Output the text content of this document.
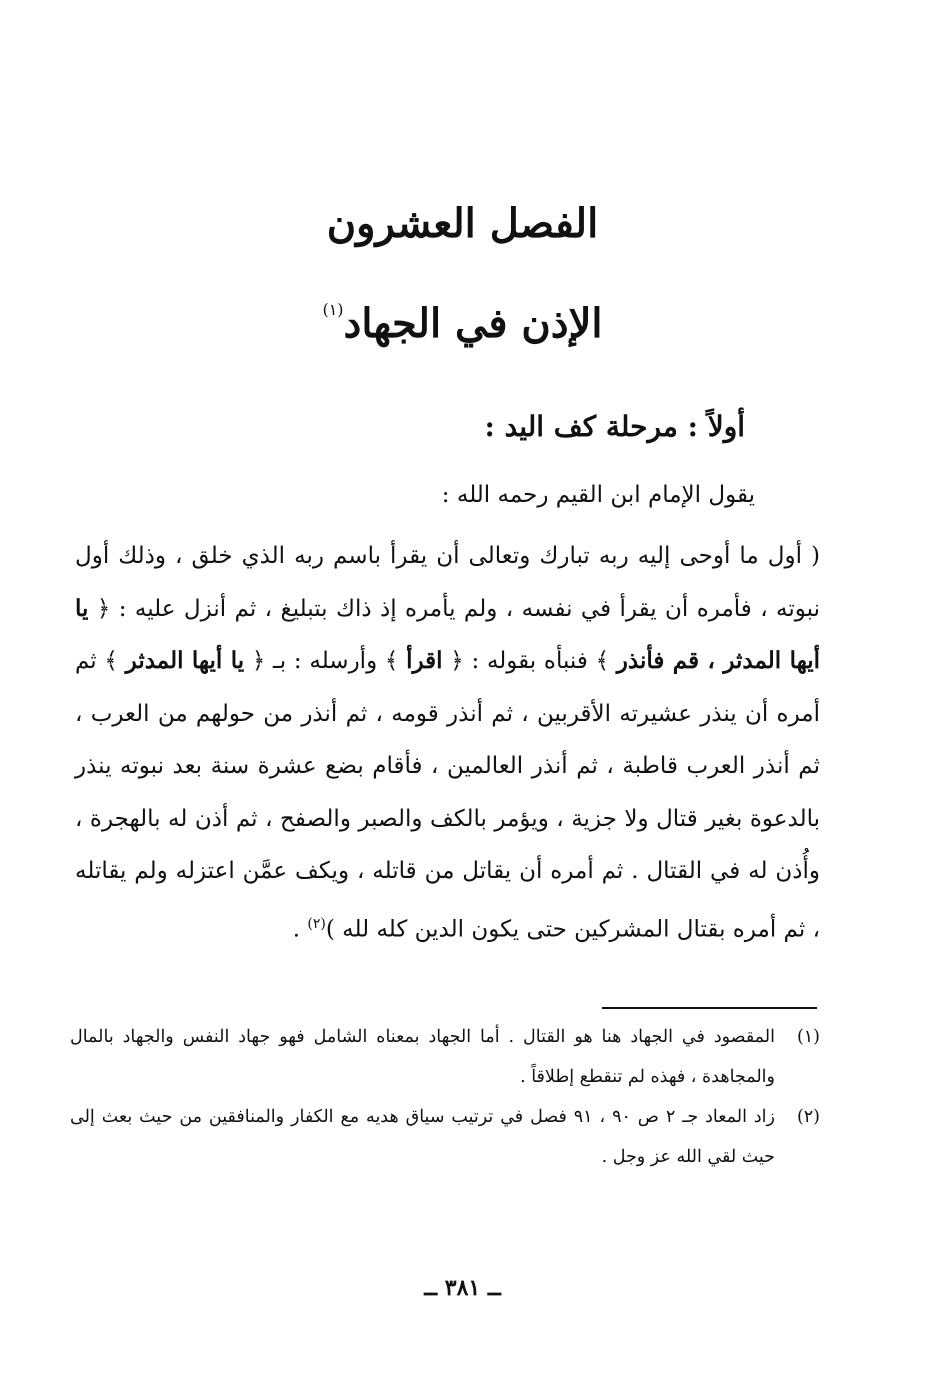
الفصل العشرون
الإذن في الجهاد$^{(١)}$
أولاً : مرحلة كف اليد :
يقول الإمام ابن القيم رحمه الله :
( أول ما أوحى إليه ربه تبارك وتعالى أن يقرأ باسم ربه الذي خلق ، وذلك أول نبوته ، فأمره أن يقرأ في نفسه ، ولم يأمره إذ ذاك بتبليغ ، ثم أنزل عليه : ﴿ يا أيها المدثر ، قم فأنذر ﴾ فنبأه بقوله : ﴿ اقرأ ﴾ وأرسله : بـ ﴿ يا أيها المدثر ﴾ ثم أمره أن ينذر عشيرته الأقربين ، ثم أنذر قومه ، ثم أنذر من حولهم من العرب ، ثم أنذر العرب قاطبة ، ثم أنذر العالمين ، فأقام بضع عشرة سنة بعد نبوته ينذر بالدعوة بغير قتال ولا جزية ، ويؤمر بالكف والصبر والصفح ، ثم أذن له بالهجرة ، وأُذن له في القتال . ثم أمره أن يقاتل من قاتله ، ويكف عمَّن اعتزله ولم يقاتله ، ثم أمره بقتال المشركين حتى يكون الدين كله لله )$^{(٢)}$ .
(١)
المقصود في الجهاد هنا هو القتال . أما الجهاد بمعناه الشامل فهو جهاد النفس والجهاد بالمال والمجاهدة ، فهذه لم تنقطع إطلاقاً .
(٢)
زاد المعاد جـ ٢ ص ٩٠ ، ٩١ فصل في ترتيب سياق هديه مع الكفار والمنافقين من حيث بعث إلى حيث لقي الله عز وجل .
ــ ٣٨١ ــ
